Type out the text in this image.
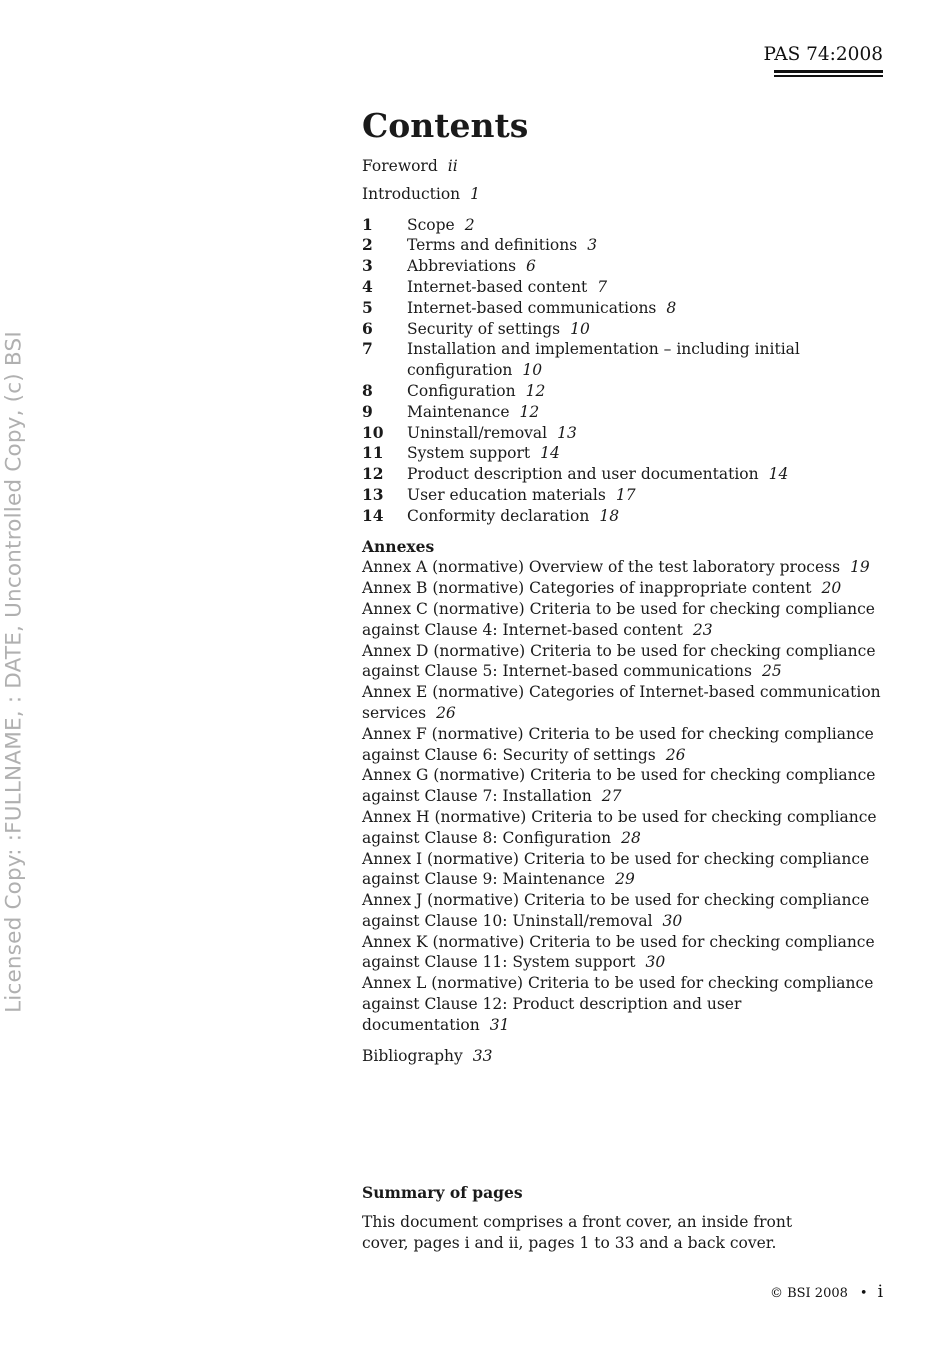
Licensed Copy: :FULLNAME, : DATE, Uncontrolled Copy, (c) BSI
PAS 74:2008
Contents

Foreword ii

Introduction 1

1	Scope 2
2	Terms and definitions 3
3	Abbreviations 6
4	Internet-based content 7
5	Internet-based communications 8
6	Security of settings 10
7	Installation and implementation – including initial configuration 10
8	Configuration 12
9	Maintenance 12
10	Uninstall/removal 13
11	System support 14
12	Product description and user documentation 14
13	User education materials 17
14	Conformity declaration 18

Annexes

Annex A (normative) Overview of the test laboratory process 19

Annex B (normative) Categories of inappropriate content 20

Annex C (normative) Criteria to be used for checking compliance against Clause 4: Internet-based content 23

Annex D (normative) Criteria to be used for checking compliance against Clause 5: Internet-based communications 25

Annex E (normative) Categories of Internet-based communication services 26

Annex F (normative) Criteria to be used for checking compliance against Clause 6: Security of settings 26

Annex G (normative) Criteria to be used for checking compliance against Clause 7: Installation 27

Annex H (normative) Criteria to be used for checking compliance against Clause 8: Configuration 28

Annex I (normative) Criteria to be used for checking compliance against Clause 9: Maintenance 29

Annex J (normative) Criteria to be used for checking compliance against Clause 10: Uninstall/removal 30

Annex K (normative) Criteria to be used for checking compliance against Clause 11: System support 30

Annex L (normative) Criteria to be used for checking compliance against Clause 12: Product description and user documentation 31

Bibliography 33

Summary of pages

This document comprises a front cover, an inside front cover, pages i and ii, pages 1 to 33 and a back cover.

© BSI 2008 • i
